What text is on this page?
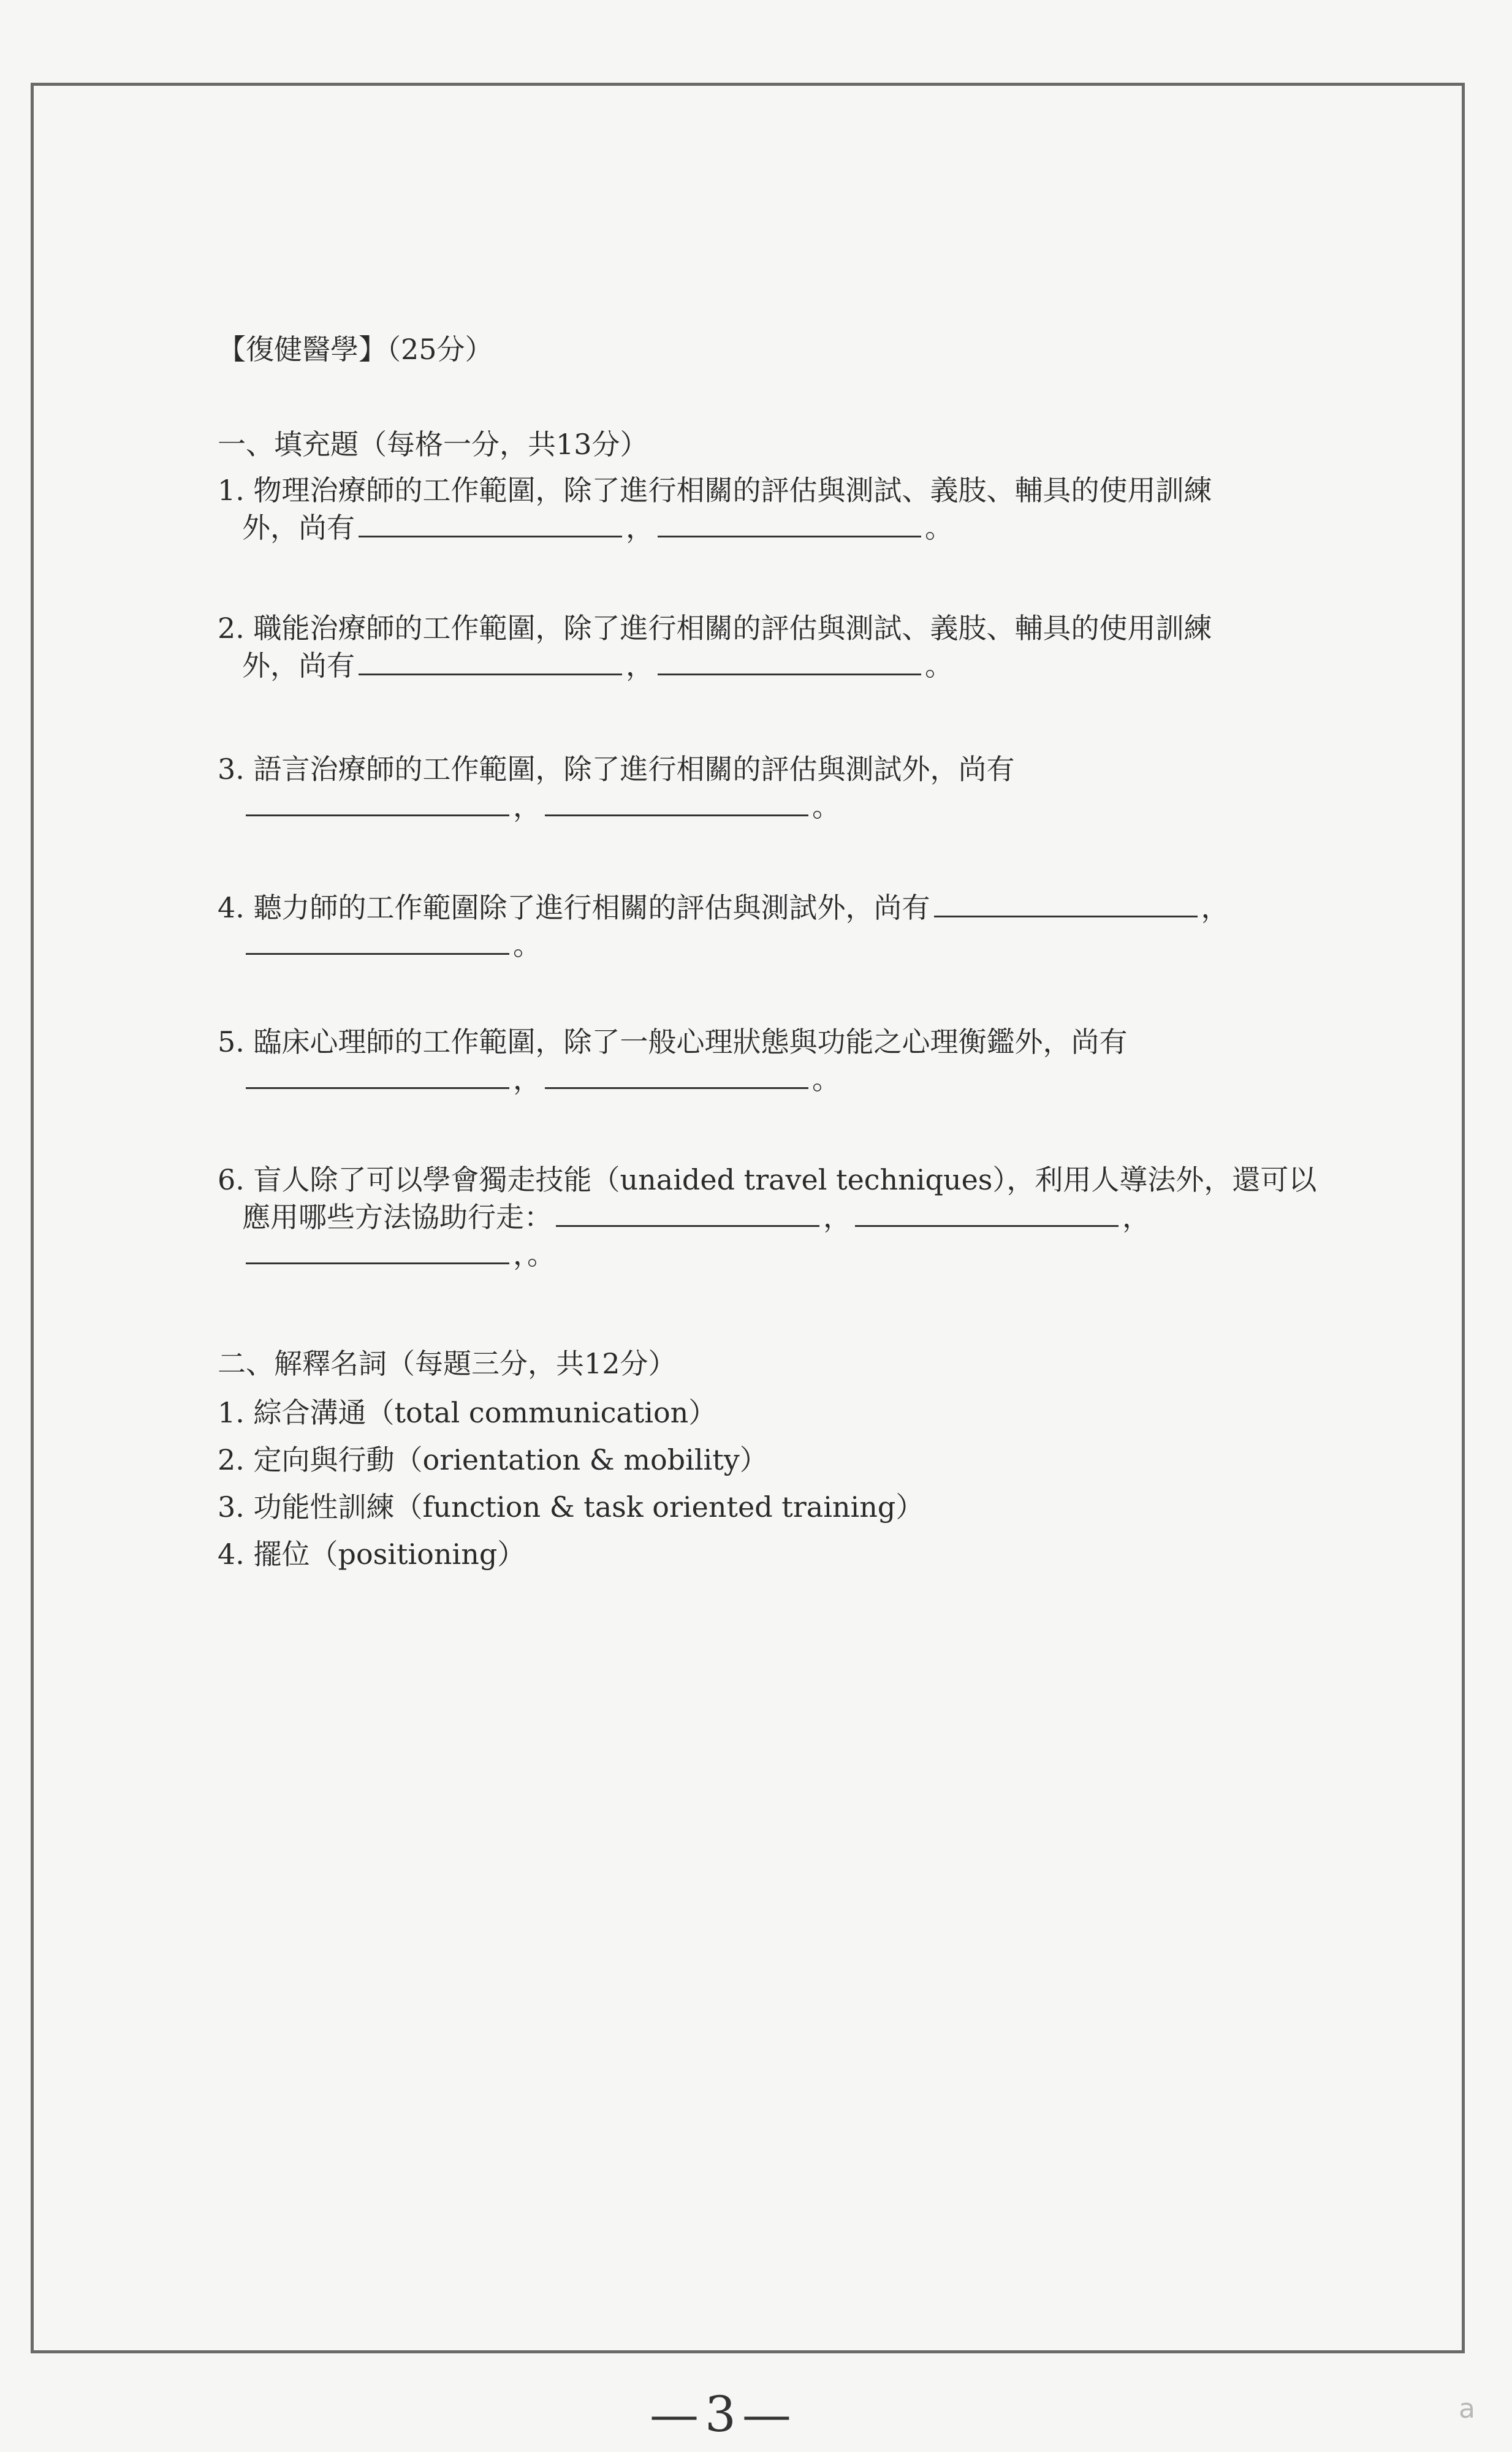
【復健醫學】（25分）
一、填充題（每格一分，共13分）
1. 物理治療師的工作範圍，除了進行相關的評估與測試、義肢、輔具的使用訓練
外，尚有	，	。
2. 職能治療師的工作範圍，除了進行相關的評估與測試、義肢、輔具的使用訓練
外，尚有	，	。
3. 語言治療師的工作範圍，除了進行相關的評估與測試外，尚有
，	。
4. 聽力師的工作範圍除了進行相關的評估與測試外，尚有	，
。
5. 臨床心理師的工作範圍，除了一般心理狀態與功能之心理衡鑑外，尚有
，	。
6. 盲人除了可以學會獨走技能（unaided travel techniques），利用人導法外，還可以
應用哪些方法協助行走：	，	，
，。
二、解釋名詞（每題三分，共12分）
1. 綜合溝通（total communication）
2. 定向與行動（orientation & mobility）
3. 功能性訓練（function & task oriented training）
4. 擺位（positioning）
—3—	a
